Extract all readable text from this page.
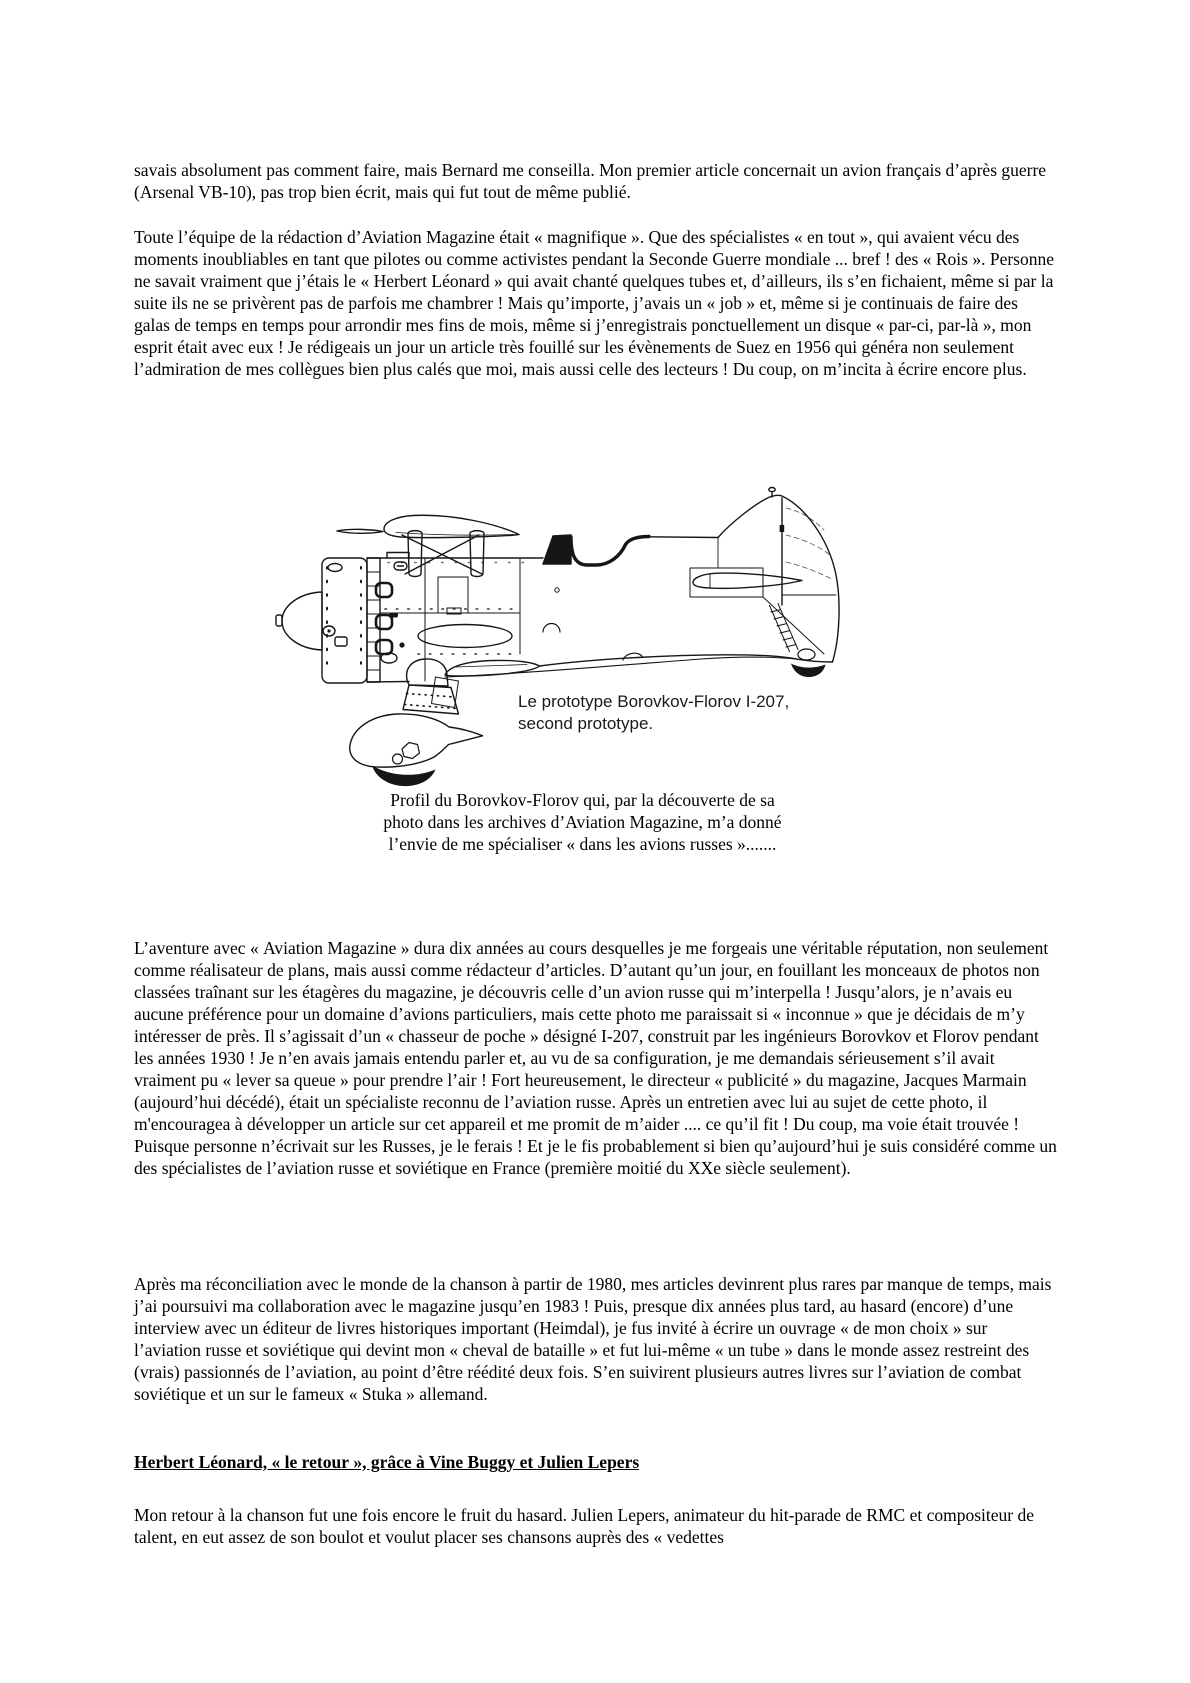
savais absolument pas comment faire, mais Bernard me conseilla. Mon premier article concernait un avion français d’après guerre (Arsenal VB-10), pas trop bien écrit, mais qui fut tout de même publié.

Toute l’équipe de la rédaction d’Aviation Magazine était « magnifique ». Que des spécialistes « en tout », qui avaient vécu des moments inoubliables en tant que pilotes ou comme activistes pendant la Seconde Guerre mondiale ... bref ! des « Rois ». Personne ne savait vraiment que j’étais le « Herbert Léonard » qui avait chanté quelques tubes et, d’ailleurs, ils s’en fichaient, même si par la suite ils ne se privèrent pas de parfois me chambrer ! Mais qu’importe, j’avais un « job » et, même si je continuais de faire des galas de temps en temps pour arrondir mes fins de mois, même si j’enregistrais ponctuellement un disque « par-ci, par-là », mon esprit était avec eux ! Je rédigeais un jour un article très fouillé sur les évènements de Suez en 1956 qui généra non seulement l’admiration de mes collègues bien plus calés que moi, mais aussi celle des lecteurs ! Du coup, on m’incita à écrire encore plus.

Le prototype Borovkov-Florov I-207,
second prototype.
Profil du Borovkov-Florov qui, par la découverte de sa
photo dans les archives d’Aviation Magazine, m’a donné
l’envie de me spécialiser « dans les avions russes ».......

L’aventure avec « Aviation Magazine » dura dix années au cours desquelles je me forgeais une véritable réputation, non seulement comme réalisateur de plans, mais aussi comme rédacteur d’articles. D’autant qu’un jour, en fouillant les monceaux de photos non classées traînant sur les étagères du magazine, je découvris celle d’un avion russe qui m’interpella ! Jusqu’alors, je n’avais eu aucune préférence pour un domaine d’avions particuliers, mais cette photo me paraissait si « inconnue » que je décidais de m’y intéresser de près. Il s’agissait d’un « chasseur de poche » désigné I-207, construit par les ingénieurs Borovkov et Florov pendant les années 1930 ! Je n’en avais jamais entendu parler et, au vu de sa configuration, je me demandais sérieusement s’il avait vraiment pu « lever sa queue » pour prendre l’air ! Fort heureusement, le directeur « publicité » du magazine, Jacques Marmain (aujourd’hui décédé), était un spécialiste reconnu de l’aviation russe. Après un entretien avec lui au sujet de cette photo, il m'encouragea à développer un article sur cet appareil et me promit de m’aider .... ce qu’il fit ! Du coup, ma voie était trouvée ! Puisque personne n’écrivait sur les Russes, je le ferais ! Et je le fis probablement si bien qu’aujourd’hui je suis considéré comme un des spécialistes de l’aviation russe et soviétique en France (première moitié du XXe siècle seulement).

Après ma réconciliation avec le monde de la chanson à partir de 1980, mes articles devinrent plus rares par manque de temps, mais j’ai poursuivi ma collaboration avec le magazine jusqu’en 1983 ! Puis, presque dix années plus tard, au hasard (encore) d’une interview avec un éditeur de livres historiques important (Heimdal), je fus invité à écrire un ouvrage « de mon choix » sur l’aviation russe et soviétique qui devint mon « cheval de bataille » et fut lui-même « un tube » dans le monde assez restreint des (vrais) passionnés de l’aviation, au point d’être réédité deux fois. S’en suivirent plusieurs autres livres sur l’aviation de combat soviétique et un sur le fameux « Stuka » allemand.

Herbert Léonard, « le retour », grâce à Vine Buggy et Julien Lepers

Mon retour à la chanson fut une fois encore le fruit du hasard. Julien Lepers, animateur du hit-parade de RMC et compositeur de talent, en eut assez de son boulot et voulut placer ses chansons auprès des « vedettes
